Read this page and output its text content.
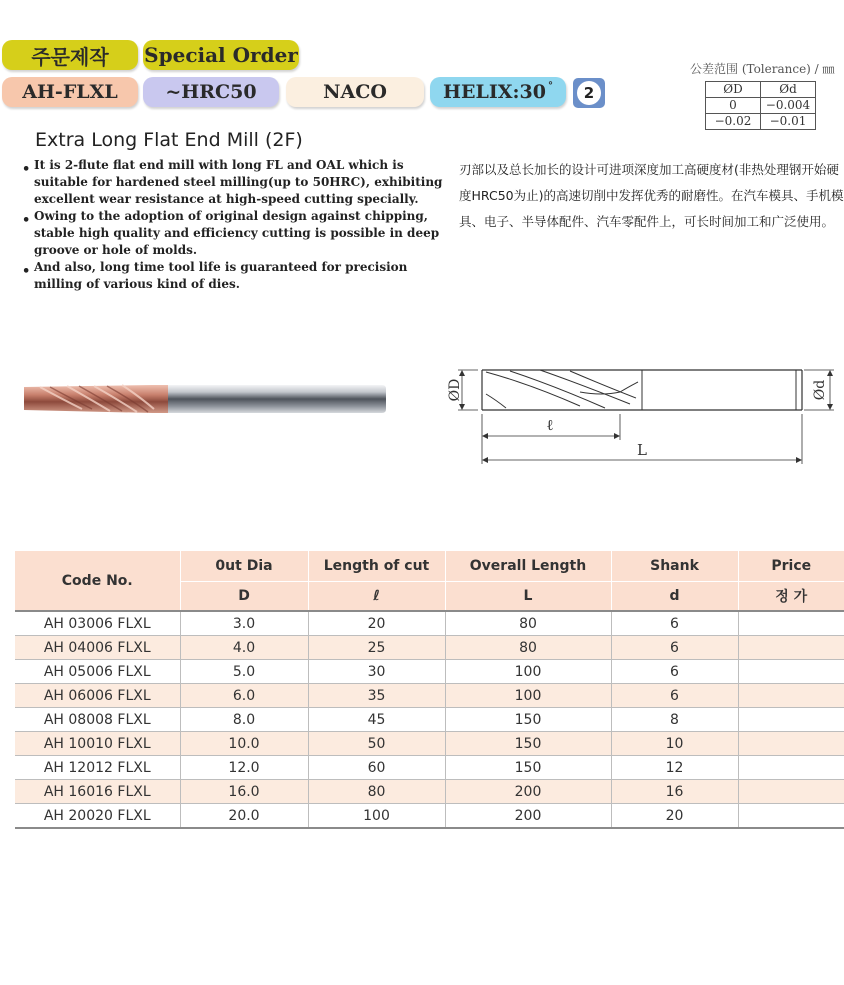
주문제작 Special Order
AH-FLXL	~HRC50	NACO	HELIX:30°	2
公差范围 (Tolerance) / ㎜
ØD	Ød
0	−0.004
−0.02	−0.01
Extra Long Flat End Mill (2F)
• It is 2-flute flat end mill with long FL and OAL which is suitable for hardened steel milling(up to 50HRC), exhibiting excellent wear resistance at high-speed cutting specially.
• Owing to the adoption of original design against chipping, stable high quality and efficiency cutting is possible in deep groove or hole of molds.
• And also, long time tool life is guaranteed for precision milling of various kind of dies.
刃部以及总长加长的设计可进项深度加工高硬度材(非热处理钢开始硬度HRC50为止)的高速切削中发挥优秀的耐磨性。在汽车模具、手机模具、电子、半导体配件、汽车零配件上，可长时间加工和广泛使用。
ØD	Ød
ℓ
L
Code No.	0ut Dia	Length of cut	Overall Length	Shank	Price
	D	ℓ	L	d	정 가
AH 03006 FLXL	3.0	20	80	6	
AH 04006 FLXL	4.0	25	80	6	
AH 05006 FLXL	5.0	30	100	6	
AH 06006 FLXL	6.0	35	100	6	
AH 08008 FLXL	8.0	45	150	8	
AH 10010 FLXL	10.0	50	150	10	
AH 12012 FLXL	12.0	60	150	12	
AH 16016 FLXL	16.0	80	200	16	
AH 20020 FLXL	20.0	100	200	20	
